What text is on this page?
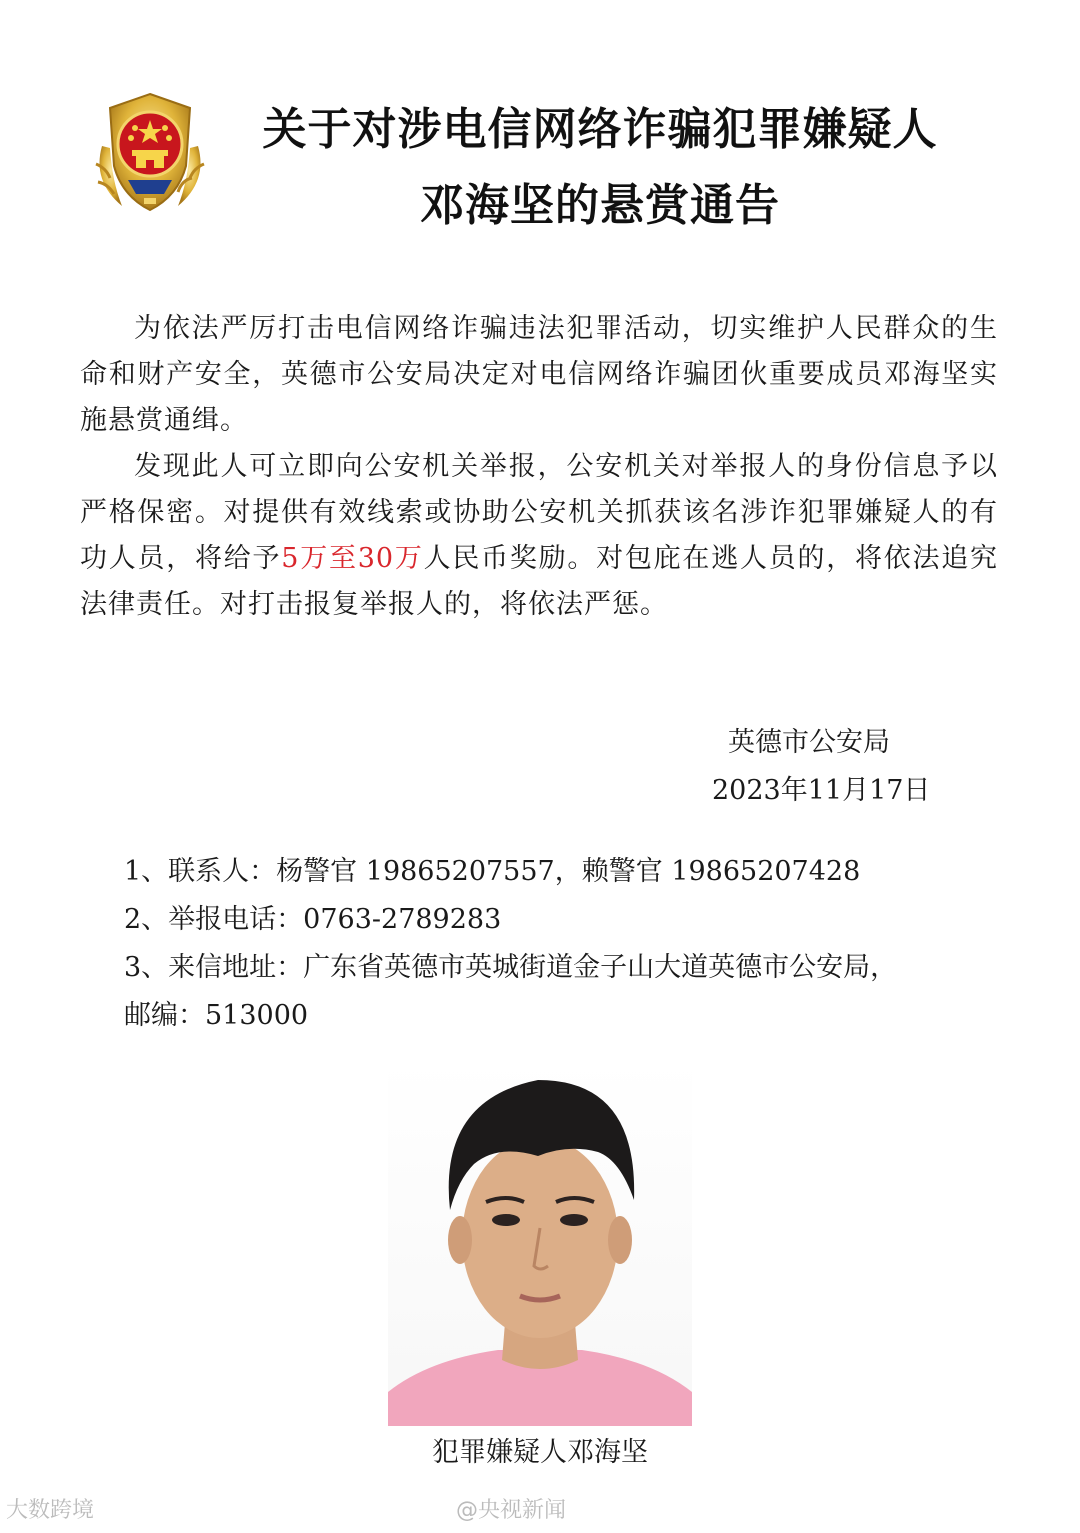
关于对涉电信网络诈骗犯罪嫌疑人
邓海坚的悬赏通告

为依法严厉打击电信网络诈骗违法犯罪活动，切实维护人民群众的生命和财产安全，英德市公安局决定对电信网络诈骗团伙重要成员邓海坚实施悬赏通缉。

发现此人可立即向公安机关举报，公安机关对举报人的身份信息予以严格保密。对提供有效线索或协助公安机关抓获该名涉诈犯罪嫌疑人的有功人员，将给予5万至30万人民币奖励。对包庇在逃人员的，将依法追究法律责任。对打击报复举报人的，将依法严惩。

英德市公安局
2023年11月17日
1、联系人：杨警官 19865207557，赖警官 19865207428
2、举报电话：0763-2789283
3、来信地址：广东省英德市英城街道金子山大道英德市公安局，
邮编：513000
犯罪嫌疑人邓海坚
大数跨境	@央视新闻
